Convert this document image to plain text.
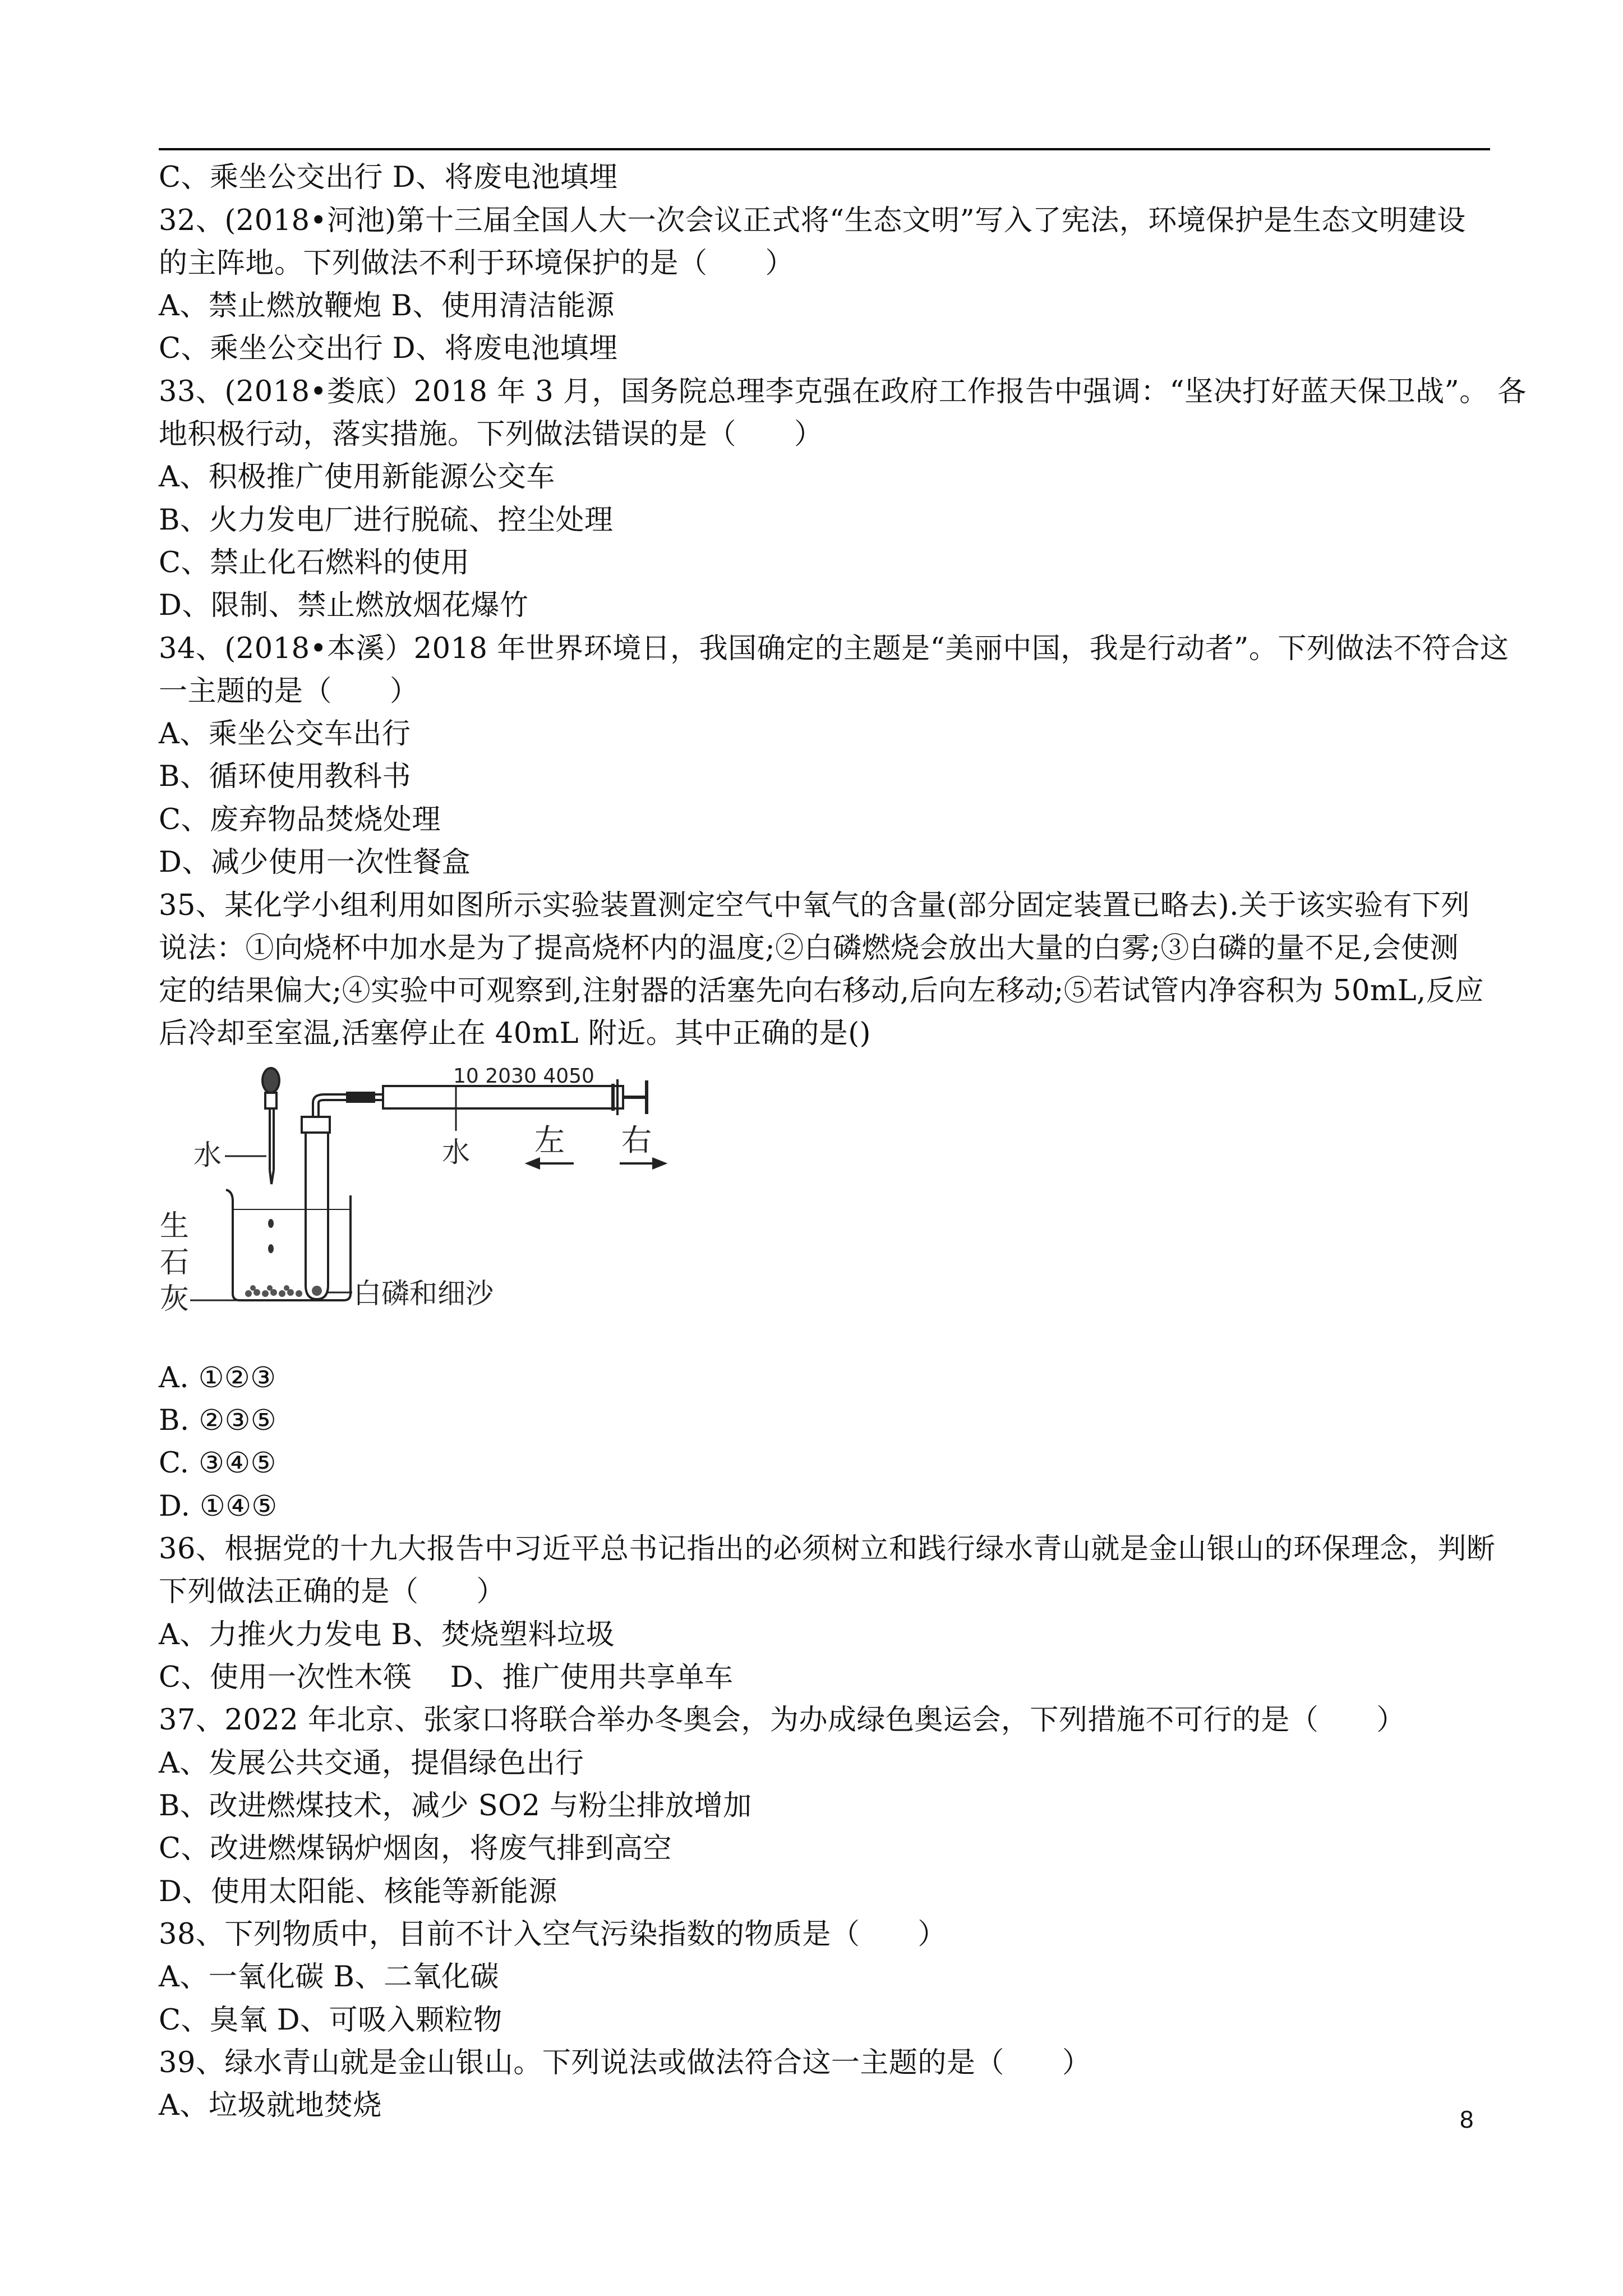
C、乘坐公交出行 D、将废电池填埋
32、(2018•河池)第十三届全国人大一次会议正式将“生态文明”写入了宪法，环境保护是生态文明建设
的主阵地。下列做法不利于环境保护的是（　　）
A、禁止燃放鞭炮 B、使用清洁能源
C、乘坐公交出行 D、将废电池填埋
33、(2018•娄底）2018 年 3 月，国务院总理李克强在政府工作报告中强调：“坚决打好蓝天保卫战”。 各
地积极行动，落实措施。下列做法错误的是（　　）
A、积极推广使用新能源公交车
B、火力发电厂进行脱硫、控尘处理
C、禁止化石燃料的使用
D、限制、禁止燃放烟花爆竹
34、(2018•本溪）2018 年世界环境日，我国确定的主题是“美丽中国，我是行动者”。下列做法不符合这
一主题的是（　　）
A、乘坐公交车出行
B、循环使用教科书
C、废弃物品焚烧处理
D、减少使用一次性餐盒
35、某化学小组利用如图所示实验装置测定空气中氧气的含量(部分固定装置已略去).关于该实验有下列
说法：①向烧杯中加水是为了提高烧杯内的温度;②白磷燃烧会放出大量的白雾;③白磷的量不足,会使测
定的结果偏大;④实验中可观察到,注射器的活塞先向右移动,后向左移动;⑤若试管内净容积为 50mL,反应
后冷却至室温,活塞停止在 40mL 附近。其中正确的是()
10 2030 4050
水	水 左 右
生
石
灰	白磷和细沙
A. ①②③
B. ②③⑤
C. ③④⑤
D. ①④⑤
36、根据党的十九大报告中习近平总书记指出的必须树立和践行绿水青山就是金山银山的环保理念，判断
下列做法正确的是（　　）
A、力推火力发电 B、焚烧塑料垃圾
C、使用一次性木筷　 D、推广使用共享单车
37、2022 年北京、张家口将联合举办冬奥会，为办成绿色奥运会，下列措施不可行的是（　　）
A、发展公共交通，提倡绿色出行
B、改进燃煤技术，减少 SO2 与粉尘排放增加
C、改进燃煤锅炉烟囱，将废气排到高空
D、使用太阳能、核能等新能源
38、下列物质中，目前不计入空气污染指数的物质是（　　）
A、一氧化碳 B、二氧化碳
C、臭氧 D、可吸入颗粒物
39、绿水青山就是金山银山。下列说法或做法符合这一主题的是（　　）
A、垃圾就地焚烧	8
